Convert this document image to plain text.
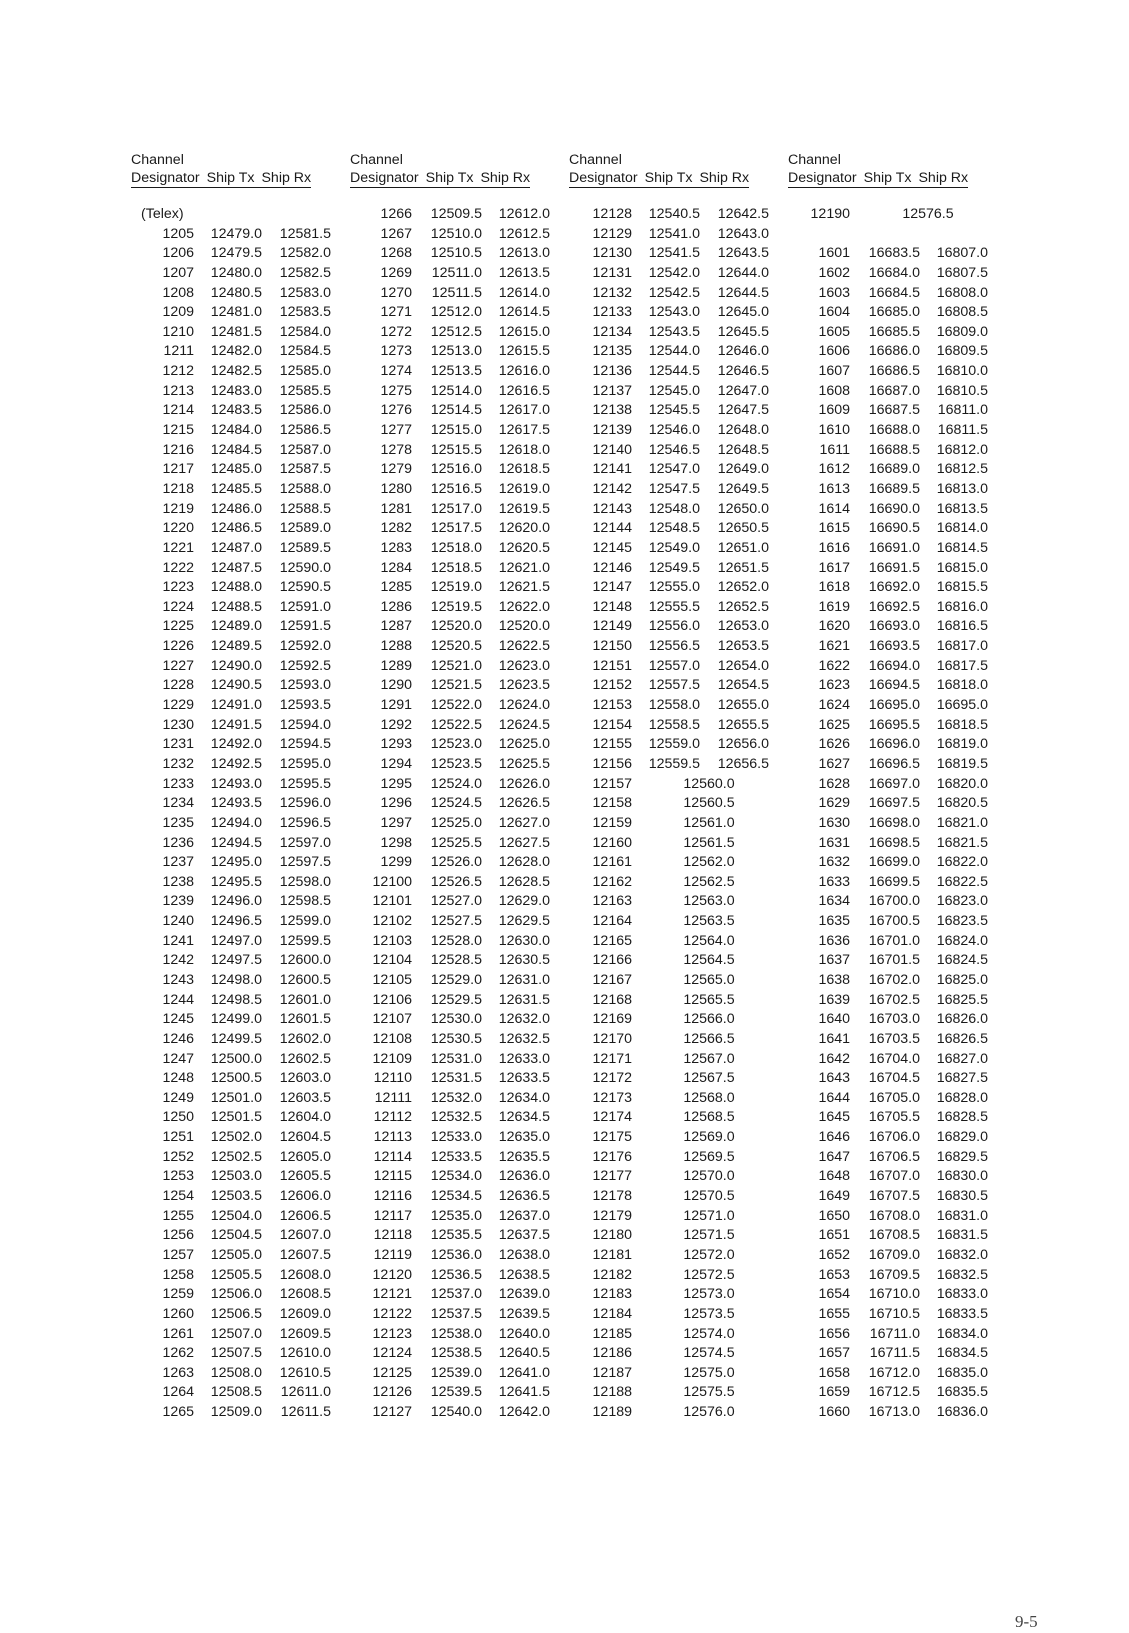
Channel
Designator Ship Tx Ship Rx
(Telex)
1205	12479.0	12581.5
1206	12479.5	12582.0
1207	12480.0	12582.5
1208	12480.5	12583.0
1209	12481.0	12583.5
1210	12481.5	12584.0
1211	12482.0	12584.5
1212	12482.5	12585.0
1213	12483.0	12585.5
1214	12483.5	12586.0
1215	12484.0	12586.5
1216	12484.5	12587.0
1217	12485.0	12587.5
1218	12485.5	12588.0
1219	12486.0	12588.5
1220	12486.5	12589.0
1221	12487.0	12589.5
1222	12487.5	12590.0
1223	12488.0	12590.5
1224	12488.5	12591.0
1225	12489.0	12591.5
1226	12489.5	12592.0
1227	12490.0	12592.5
1228	12490.5	12593.0
1229	12491.0	12593.5
1230	12491.5	12594.0
1231	12492.0	12594.5
1232	12492.5	12595.0
1233	12493.0	12595.5
1234	12493.5	12596.0
1235	12494.0	12596.5
1236	12494.5	12597.0
1237	12495.0	12597.5
1238	12495.5	12598.0
1239	12496.0	12598.5
1240	12496.5	12599.0
1241	12497.0	12599.5
1242	12497.5	12600.0
1243	12498.0	12600.5
1244	12498.5	12601.0
1245	12499.0	12601.5
1246	12499.5	12602.0
1247	12500.0	12602.5
1248	12500.5	12603.0
1249	12501.0	12603.5
1250	12501.5	12604.0
1251	12502.0	12604.5
1252	12502.5	12605.0
1253	12503.0	12605.5
1254	12503.5	12606.0
1255	12504.0	12606.5
1256	12504.5	12607.0
1257	12505.0	12607.5
1258	12505.5	12608.0
1259	12506.0	12608.5
1260	12506.5	12609.0
1261	12507.0	12609.5
1262	12507.5	12610.0
1263	12508.0	12610.5
1264	12508.5	12611.0
1265	12509.0	12611.5
Channel
Designator Ship Tx Ship Rx
1266	12509.5	12612.0
1267	12510.0	12612.5
1268	12510.5	12613.0
1269	12511.0	12613.5
1270	12511.5	12614.0
1271	12512.0	12614.5
1272	12512.5	12615.0
1273	12513.0	12615.5
1274	12513.5	12616.0
1275	12514.0	12616.5
1276	12514.5	12617.0
1277	12515.0	12617.5
1278	12515.5	12618.0
1279	12516.0	12618.5
1280	12516.5	12619.0
1281	12517.0	12619.5
1282	12517.5	12620.0
1283	12518.0	12620.5
1284	12518.5	12621.0
1285	12519.0	12621.5
1286	12519.5	12622.0
1287	12520.0	12520.0
1288	12520.5	12622.5
1289	12521.0	12623.0
1290	12521.5	12623.5
1291	12522.0	12624.0
1292	12522.5	12624.5
1293	12523.0	12625.0
1294	12523.5	12625.5
1295	12524.0	12626.0
1296	12524.5	12626.5
1297	12525.0	12627.0
1298	12525.5	12627.5
1299	12526.0	12628.0
12100	12526.5	12628.5
12101	12527.0	12629.0
12102	12527.5	12629.5
12103	12528.0	12630.0
12104	12528.5	12630.5
12105	12529.0	12631.0
12106	12529.5	12631.5
12107	12530.0	12632.0
12108	12530.5	12632.5
12109	12531.0	12633.0
12110	12531.5	12633.5
12111	12532.0	12634.0
12112	12532.5	12634.5
12113	12533.0	12635.0
12114	12533.5	12635.5
12115	12534.0	12636.0
12116	12534.5	12636.5
12117	12535.0	12637.0
12118	12535.5	12637.5
12119	12536.0	12638.0
12120	12536.5	12638.5
12121	12537.0	12639.0
12122	12537.5	12639.5
12123	12538.0	12640.0
12124	12538.5	12640.5
12125	12539.0	12641.0
12126	12539.5	12641.5
12127	12540.0	12642.0
Channel
Designator Ship Tx Ship Rx
12128	12540.5	12642.5
12129	12541.0	12643.0
12130	12541.5	12643.5
12131	12542.0	12644.0
12132	12542.5	12644.5
12133	12543.0	12645.0
12134	12543.5	12645.5
12135	12544.0	12646.0
12136	12544.5	12646.5
12137	12545.0	12647.0
12138	12545.5	12647.5
12139	12546.0	12648.0
12140	12546.5	12648.5
12141	12547.0	12649.0
12142	12547.5	12649.5
12143	12548.0	12650.0
12144	12548.5	12650.5
12145	12549.0	12651.0
12146	12549.5	12651.5
12147	12555.0	12652.0
12148	12555.5	12652.5
12149	12556.0	12653.0
12150	12556.5	12653.5
12151	12557.0	12654.0
12152	12557.5	12654.5
12153	12558.0	12655.0
12154	12558.5	12655.5
12155	12559.0	12656.0
12156	12559.5	12656.5
12157	12560.0
12158	12560.5
12159	12561.0
12160	12561.5
12161	12562.0
12162	12562.5
12163	12563.0
12164	12563.5
12165	12564.0
12166	12564.5
12167	12565.0
12168	12565.5
12169	12566.0
12170	12566.5
12171	12567.0
12172	12567.5
12173	12568.0
12174	12568.5
12175	12569.0
12176	12569.5
12177	12570.0
12178	12570.5
12179	12571.0
12180	12571.5
12181	12572.0
12182	12572.5
12183	12573.0
12184	12573.5
12185	12574.0
12186	12574.5
12187	12575.0
12188	12575.5
12189	12576.0
Channel
Designator Ship Tx Ship Rx
12190	12576.5
1601	16683.5	16807.0
1602	16684.0	16807.5
1603	16684.5	16808.0
1604	16685.0	16808.5
1605	16685.5	16809.0
1606	16686.0	16809.5
1607	16686.5	16810.0
1608	16687.0	16810.5
1609	16687.5	16811.0
1610	16688.0	16811.5
1611	16688.5	16812.0
1612	16689.0	16812.5
1613	16689.5	16813.0
1614	16690.0	16813.5
1615	16690.5	16814.0
1616	16691.0	16814.5
1617	16691.5	16815.0
1618	16692.0	16815.5
1619	16692.5	16816.0
1620	16693.0	16816.5
1621	16693.5	16817.0
1622	16694.0	16817.5
1623	16694.5	16818.0
1624	16695.0	16695.0
1625	16695.5	16818.5
1626	16696.0	16819.0
1627	16696.5	16819.5
1628	16697.0	16820.0
1629	16697.5	16820.5
1630	16698.0	16821.0
1631	16698.5	16821.5
1632	16699.0	16822.0
1633	16699.5	16822.5
1634	16700.0	16823.0
1635	16700.5	16823.5
1636	16701.0	16824.0
1637	16701.5	16824.5
1638	16702.0	16825.0
1639	16702.5	16825.5
1640	16703.0	16826.0
1641	16703.5	16826.5
1642	16704.0	16827.0
1643	16704.5	16827.5
1644	16705.0	16828.0
1645	16705.5	16828.5
1646	16706.0	16829.0
1647	16706.5	16829.5
1648	16707.0	16830.0
1649	16707.5	16830.5
1650	16708.0	16831.0
1651	16708.5	16831.5
1652	16709.0	16832.0
1653	16709.5	16832.5
1654	16710.0	16833.0
1655	16710.5	16833.5
1656	16711.0	16834.0
1657	16711.5	16834.5
1658	16712.0	16835.0
1659	16712.5	16835.5
1660	16713.0	16836.0
9-5
